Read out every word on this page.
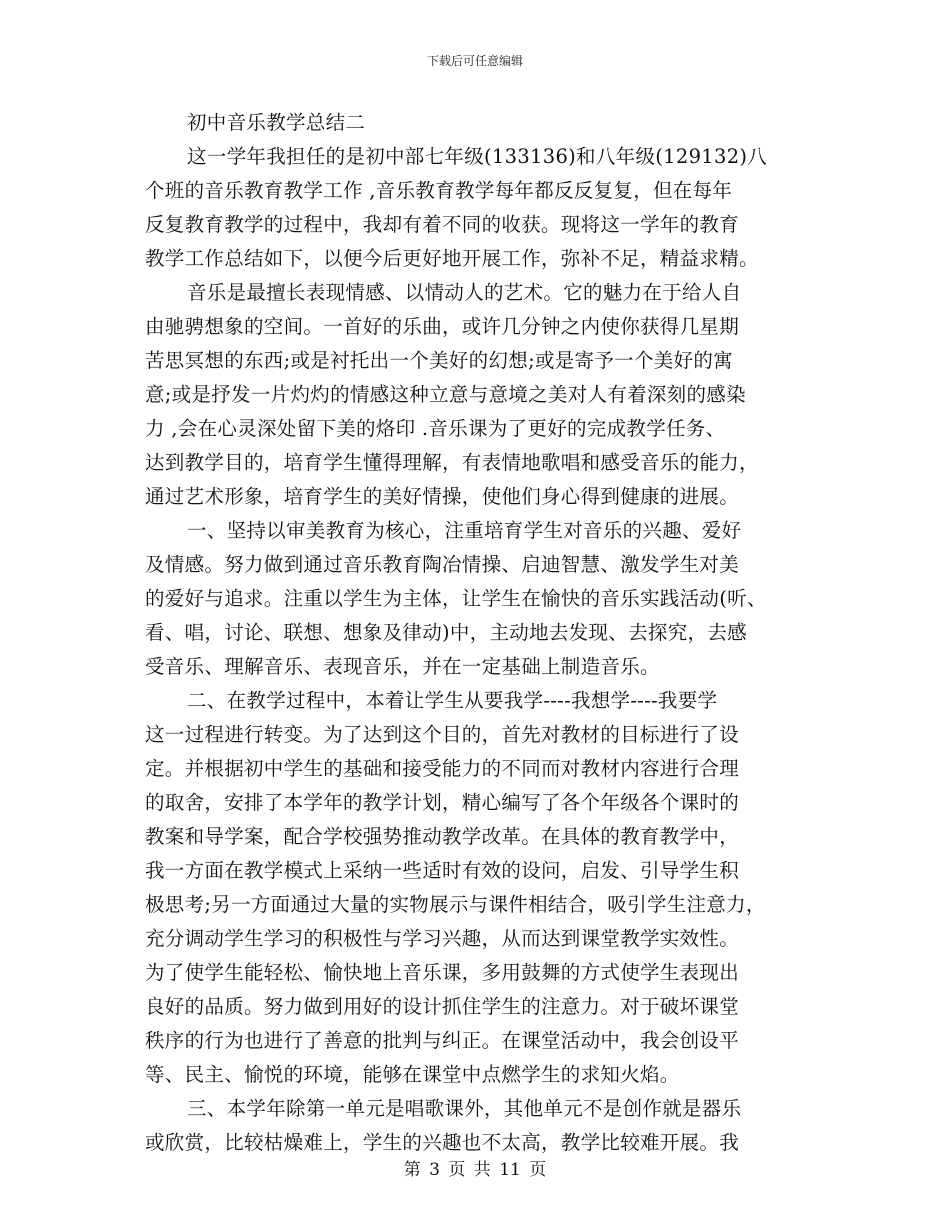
下载后可任意编辑
初中音乐教学总结二
这一学年我担任的是初中部七年级(133136)和八年级(129132)八
个班的音乐教育教学工作 ,音乐教育教学每年都反反复复，但在每年
反复教育教学的过程中，我却有着不同的收获。现将这一学年的教育
教学工作总结如下，以便今后更好地开展工作，弥补不足，精益求精。
音乐是最擅长表现情感、以情动人的艺术。它的魅力在于给人自
由驰骋想象的空间。一首好的乐曲，或许几分钟之内使你获得几星期
苦思冥想的东西;或是衬托出一个美好的幻想;或是寄予一个美好的寓
意;或是抒发一片灼灼的情感这种立意与意境之美对人有着深刻的感染
力 ,会在心灵深处留下美的烙印 .音乐课为了更好的完成教学任务、
达到教学目的，培育学生懂得理解，有表情地歌唱和感受音乐的能力，
通过艺术形象，培育学生的美好情操，使他们身心得到健康的进展。
一、坚持以审美教育为核心，注重培育学生对音乐的兴趣、爱好
及情感。努力做到通过音乐教育陶冶情操、启迪智慧、激发学生对美
的爱好与追求。注重以学生为主体，让学生在愉快的音乐实践活动(听、
看、唱，讨论、联想、想象及律动)中，主动地去发现、去探究，去感
受音乐、理解音乐、表现音乐，并在一定基础上制造音乐。
二、在教学过程中，本着让学生从要我学----我想学----我要学
这一过程进行转变。为了达到这个目的，首先对教材的目标进行了设
定。并根据初中学生的基础和接受能力的不同而对教材内容进行合理
的取舍，安排了本学年的教学计划，精心编写了各个年级各个课时的
教案和导学案，配合学校强势推动教学改革。在具体的教育教学中，
我一方面在教学模式上采纳一些适时有效的设问，启发、引导学生积
极思考;另一方面通过大量的实物展示与课件相结合，吸引学生注意力，
充分调动学生学习的积极性与学习兴趣，从而达到课堂教学实效性。
为了使学生能轻松、愉快地上音乐课，多用鼓舞的方式使学生表现出
良好的品质。努力做到用好的设计抓住学生的注意力。对于破坏课堂
秩序的行为也进行了善意的批判与纠正。在课堂活动中，我会创设平
等、民主、愉悦的环境，能够在课堂中点燃学生的求知火焰。
三、本学年除第一单元是唱歌课外，其他单元不是创作就是器乐
或欣赏，比较枯燥难上，学生的兴趣也不太高，教学比较难开展。我
第 3 页 共 11 页
